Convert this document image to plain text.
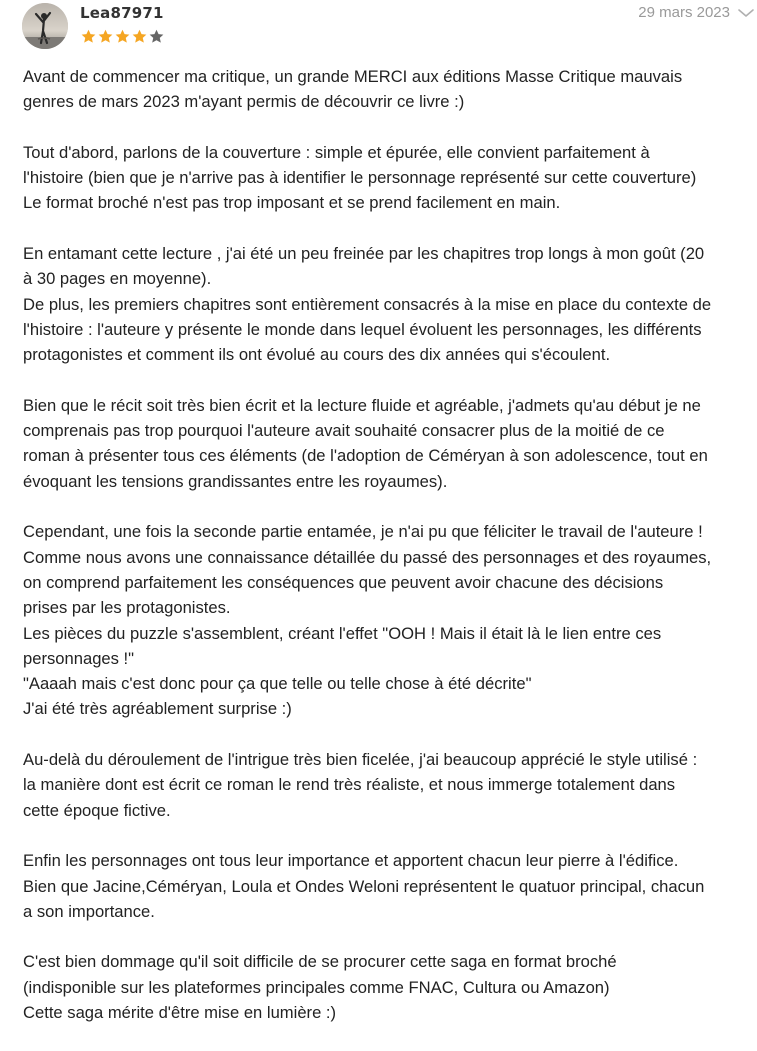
Lea87971	29 mars 2023

Avant de commencer ma critique, un grande MERCI aux éditions Masse Critique mauvais
genres de mars 2023 m'ayant permis de découvrir ce livre :)

Tout d'abord, parlons de la couverture : simple et épurée, elle convient parfaitement à
l'histoire (bien que je n'arrive pas à identifier le personnage représenté sur cette couverture)
Le format broché n'est pas trop imposant et se prend facilement en main.

En entamant cette lecture , j'ai été un peu freinée par les chapitres trop longs à mon goût (20
à 30 pages en moyenne).
De plus, les premiers chapitres sont entièrement consacrés à la mise en place du contexte de
l'histoire : l'auteure y présente le monde dans lequel évoluent les personnages, les différents
protagonistes et comment ils ont évolué au cours des dix années qui s'écoulent.

Bien que le récit soit très bien écrit et la lecture fluide et agréable, j'admets qu'au début je ne
comprenais pas trop pourquoi l'auteure avait souhaité consacrer plus de la moitié de ce
roman à présenter tous ces éléments (de l'adoption de Céméryan à son adolescence, tout en
évoquant les tensions grandissantes entre les royaumes).

Cependant, une fois la seconde partie entamée, je n'ai pu que féliciter le travail de l'auteure !
Comme nous avons une connaissance détaillée du passé des personnages et des royaumes,
on comprend parfaitement les conséquences que peuvent avoir chacune des décisions
prises par les protagonistes.
Les pièces du puzzle s'assemblent, créant l'effet "OOH ! Mais il était là le lien entre ces
personnages !"
"Aaaah mais c'est donc pour ça que telle ou telle chose à été décrite"
J'ai été très agréablement surprise :)

Au-delà du déroulement de l'intrigue très bien ficelée, j'ai beaucoup apprécié le style utilisé :
la manière dont est écrit ce roman le rend très réaliste, et nous immerge totalement dans
cette époque fictive.

Enfin les personnages ont tous leur importance et apportent chacun leur pierre à l'édifice.
Bien que Jacine,Céméryan, Loula et Ondes Weloni représentent le quatuor principal, chacun
a son importance.

C'est bien dommage qu'il soit difficile de se procurer cette saga en format broché
(indisponible sur les plateformes principales comme FNAC, Cultura ou Amazon)
Cette saga mérite d'être mise en lumière :)
